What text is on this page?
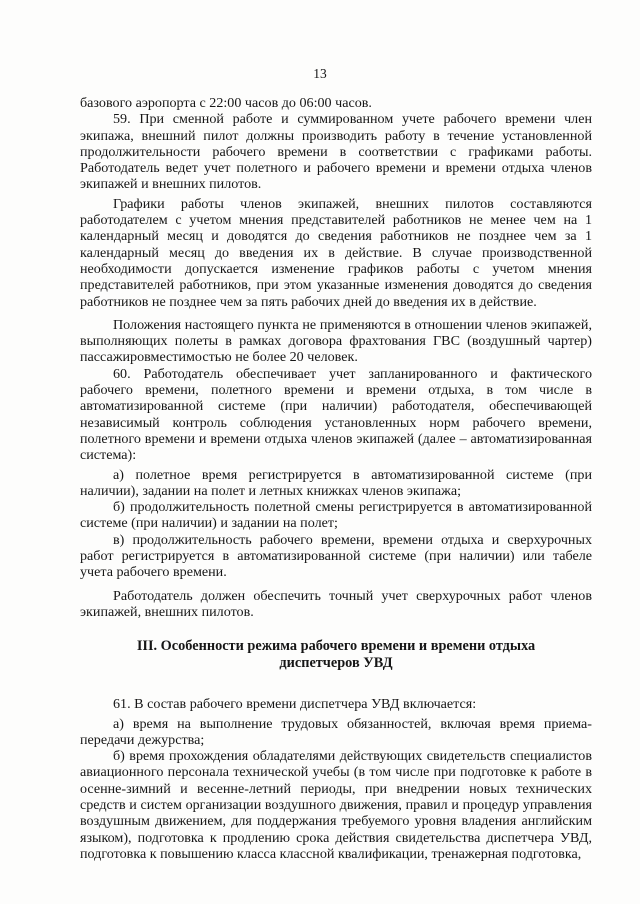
13

базового аэропорта с 22:00 часов до 06:00 часов.

59. При сменной работе и суммированном учете рабочего времени член экипажа, внешний пилот должны производить работу в течение установленной продолжительности рабочего времени в соответствии с графиками работы. Работодатель ведет учет полетного и рабочего времени и времени отдыха членов экипажей и внешних пилотов.

Графики работы членов экипажей, внешних пилотов составляются работодателем с учетом мнения представителей работников не менее чем на 1 календарный месяц и доводятся до сведения работников не позднее чем за 1 календарный месяц до введения их в действие. В случае производственной необходимости допускается изменение графиков работы с учетом мнения представителей работников, при этом указанные изменения доводятся до сведения работников не позднее чем за пять рабочих дней до введения их в действие.

Положения настоящего пункта не применяются в отношении членов экипажей, выполняющих полеты в рамках договора фрахтования ГВС (воздушный чартер) пассажировместимостью не более 20 человек.

60. Работодатель обеспечивает учет запланированного и фактического рабочего времени, полетного времени и времени отдыха, в том числе в автоматизированной системе (при наличии) работодателя, обеспечивающей независимый контроль соблюдения установленных норм рабочего времени, полетного времени и времени отдыха членов экипажей (далее – автоматизированная система):

а) полетное время регистрируется в автоматизированной системе (при наличии), задании на полет и летных книжках членов экипажа;

б) продолжительность полетной смены регистрируется в автоматизированной системе (при наличии) и задании на полет;

в) продолжительность рабочего времени, времени отдыха и сверхурочных работ регистрируется в автоматизированной системе (при наличии) или табеле учета рабочего времени.

Работодатель должен обеспечить точный учет сверхурочных работ членов экипажей, внешних пилотов.

III. Особенности режима рабочего времени и времени отдыха
диспетчеров УВД

61. В состав рабочего времени диспетчера УВД включается:

а) время на выполнение трудовых обязанностей, включая время приема-передачи дежурства;

б) время прохождения обладателями действующих свидетельств специалистов авиационного персонала технической учебы (в том числе при подготовке к работе в осенне-зимний и весенне-летний периоды, при внедрении новых технических средств и систем организации воздушного движения, правил и процедур управления воздушным движением, для поддержания требуемого уровня владения английским языком), подготовка к продлению срока действия свидетельства диспетчера УВД, подготовка к повышению класса классной квалификации, тренажерная подготовка,
